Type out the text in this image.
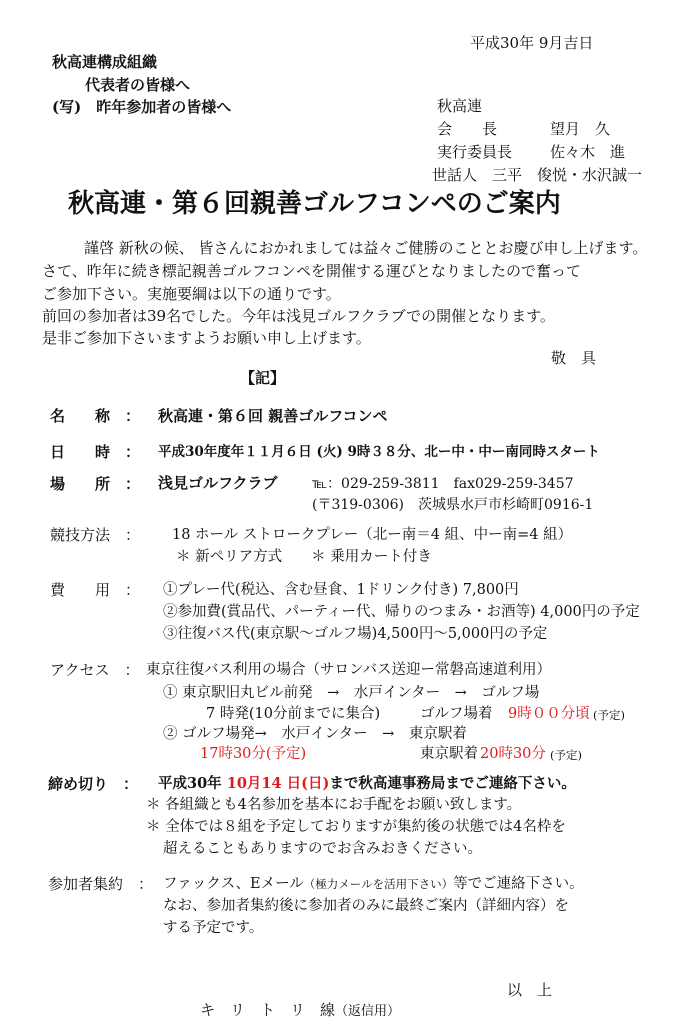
平成30年 9月吉日
秋高連構成組織
代表者の皆様へ
(写)　昨年参加者の皆様へ	秋高連
会　　長	望月　久
実行委員長	佐々木　進
世話人　三平　俊悦・水沢誠一
秋高連・第６回親善ゴルフコンペのご案内
謹啓 新秋の候、 皆さんにおかれましては益々ご健勝のこととお慶び申し上げます。
さて、昨年に続き標記親善ゴルフコンペを開催する運びとなりましたので奮って
ご参加下さい。実施要綱は以下の通りです。
前回の参加者は39名でした。今年は浅見ゴルフクラブでの開催となります。
是非ご参加下さいますようお願い申し上げます。
敬　具
【記】
名　　称　： 秋高連・第６回 親善ゴルフコンペ
日　　時　： 平成30年度年１１月６日 (火) 9時３８分、北ー中・中ー南同時スタート
場　　所　： 浅見ゴルフクラブ ℡：029-259-3811　fax029-259-3457
(〒319-0306) 茨城県水戸市杉崎町0916-1
競技方法　： 18 ホール ストロークプレー（北ー南＝4 組、中ー南=4 組）
＊ 新ペリア方式　　＊ 乗用カート付き
費　　用　： ①プレー代(税込、含む昼食、1ドリンク付き) 7,800円
②参加費(賞品代、パーティー代、帰りのつまみ・お酒等) 4,000円の予定
③往復バス代(東京駅～ゴルフ場)4,500円～5,000円の予定
アクセス　： 東京往復バス利用の場合（サロンバス送迎ー常磐高速道利用）
① 東京駅旧丸ビル前発　→　水戸インター　→　ゴルフ場
7 時発(10分前までに集合)	ゴルフ場着 9時００分頃 (予定)
② ゴルフ場発→　水戸インター　→　東京駅着
17時30分(予定)	東京駅着 20時30分 (予定)
締め切り　： 平成30年 10月14 日(日)まで秋高連事務局までご連絡下さい。
＊ 各組織とも4名参加を基本にお手配をお願い致します。
＊ 全体では８組を予定しておりますが集約後の状態では4名枠を
超えることもありますのでお含みおきください。
参加者集約　： ファックス、Eメール（極力メールを活用下さい）等でご連絡下さい。
なお、参加者集約後に参加者のみに最終ご案内（詳細内容）を
する予定です。
以　上
キ　リ　ト　リ　線（返信用）
